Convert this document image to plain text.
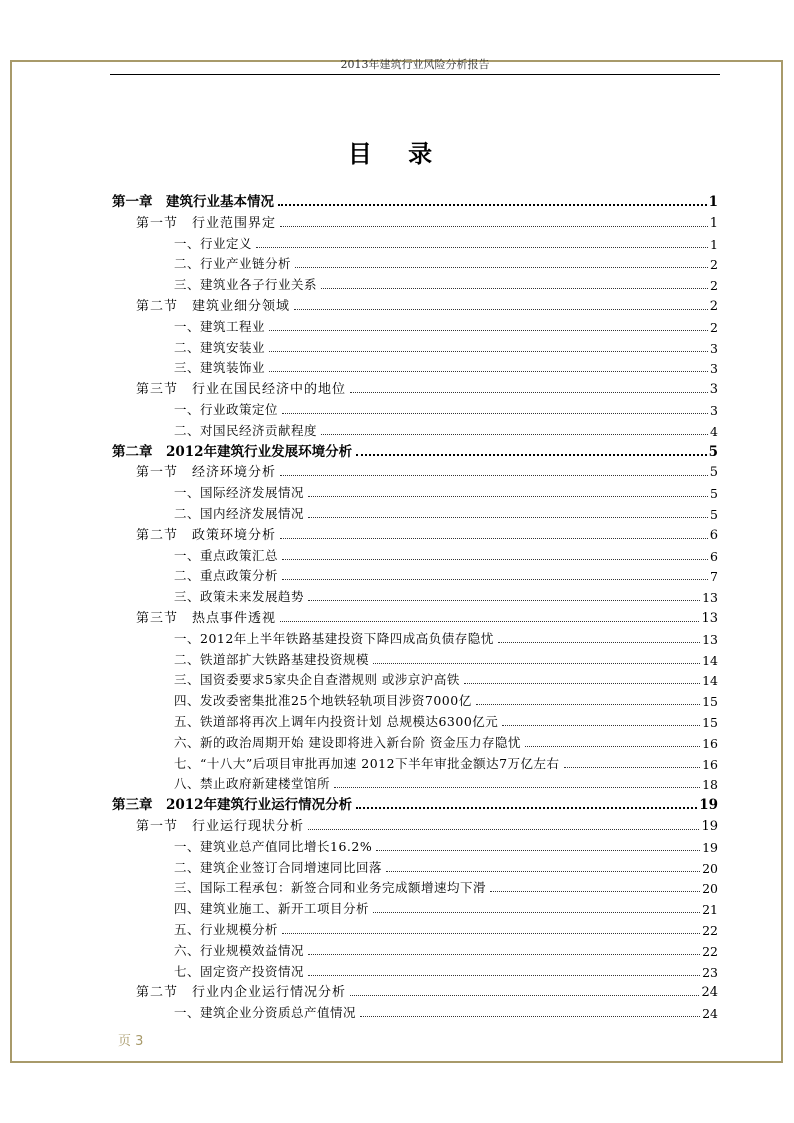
2013年建筑行业风险分析报告
目 录
第一章　建筑行业基本情况	1
第一节　行业范围界定	1
一、行业定义	1
二、行业产业链分析	2
三、建筑业各子行业关系	2
第二节　建筑业细分领域	2
一、建筑工程业	2
二、建筑安装业	3
三、建筑装饰业	3
第三节　行业在国民经济中的地位	3
一、行业政策定位	3
二、对国民经济贡献程度	4
第二章　2012年建筑行业发展环境分析	5
第一节　经济环境分析	5
一、国际经济发展情况	5
二、国内经济发展情况	5
第二节　政策环境分析	6
一、重点政策汇总	6
二、重点政策分析	7
三、政策未来发展趋势	13
第三节　热点事件透视	13
一、2012年上半年铁路基建投资下降四成高负债存隐忧	13
二、铁道部扩大铁路基建投资规模	14
三、国资委要求5家央企自查潜规则 或涉京沪高铁	14
四、发改委密集批准25个地铁轻轨项目涉资7000亿	15
五、铁道部将再次上调年内投资计划 总规模达6300亿元	15
六、新的政治周期开始 建设即将进入新台阶 资金压力存隐忧	16
七、“十八大”后项目审批再加速 2012下半年审批金额达7万亿左右	16
八、禁止政府新建楼堂馆所	18
第三章　2012年建筑行业运行情况分析	19
第一节　行业运行现状分析	19
一、建筑业总产值同比增长16.2%	19
二、建筑企业签订合同增速同比回落	20
三、国际工程承包：新签合同和业务完成额增速均下滑	20
四、建筑业施工、新开工项目分析	21
五、行业规模分析	22
六、行业规模效益情况	22
七、固定资产投资情况	23
第二节　行业内企业运行情况分析	24
一、建筑企业分资质总产值情况	24
页 3
